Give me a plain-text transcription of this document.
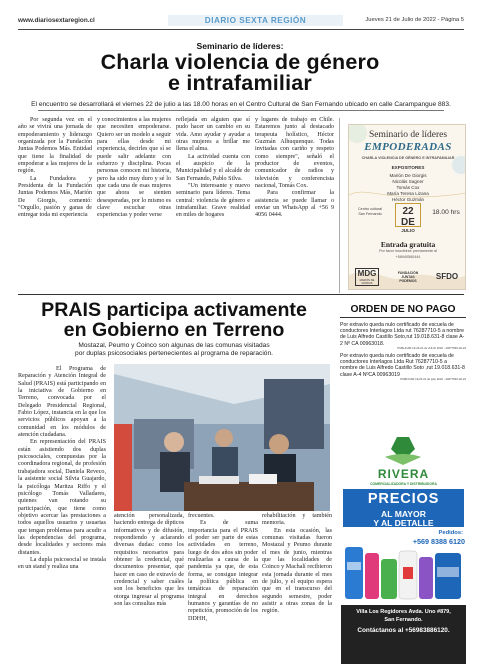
www.diariosextaregion.cl	DIARIO SEXTA REGIÓN	Jueves 21 de Julio de 2022 - Página 5
Seminario de líderes:
Charla violencia de género
e intrafamiliar
El encuentro se desarrollará el viernes 22 de julio a las 18.00 horas en el Centro Cultural de San Fernando ubicado en calle Carampangue 883.

Por segunda vez en el año se vivirá una jornada de empoderamiento y liderazgo organizada por la Fundación Juntas Podemos Más. Entidad que tiene la finalidad de empoderar a las mujeres de la región.

La Fundadora y Presidenta de la Fundación Juntas Podemos Más, Marión De Giorgis, comentó: "Orgullo, pasión y ganas de entregar toda mi experiencia

y conocimientos a las mujeres que necesiten empoderarse. Quiero ser un modelo a seguir para ellas desde mi experiencia, decirles que sí se puede salir adelante con esfuerzo y disciplina. Pocas personas conocen mi historia, pero ha sido muy duro y sé lo que cada una de esas mujeres que ahora se sienten desesperadas, por lo mismo es clave escuchar otras experiencias y poder verse

reflejada en alguien que sí pudo hacer un cambio en su vida. Amo ayudar y ayudar a otras mujeres a brillar me llena el alma.

La actividad cuenta con el auspicio de la Municipalidad y el alcalde de San Fernando, Pablo Silva.

"Un interesante y nuevo seminario para líderes. Tema central: violencia de género e intrafamiliar. Grave realidad en miles de hogares

y lugares de trabajo en Chile. Estaremos junto al destacado terapeuta holístico, Héctor Guzmán Alhuquenque. Todas invitadas con cariño y respeto como siempre", señaló el productor de eventos, comunicador de radios y televisión y conferencista nacional, Tomás Cox.

Para confirmar la asistencia se puede llamar o enviar un WhatsApp al +56 9 4056 0444.

Seminario de líderes
EMPODERADAS
CHARLA VIOLENCIA DE GÉNERO E INTRAFAMILIAR
EXPOSITORES
Marión De Giorgis
Nicolás Sagner
Tomás Cox
María Teresa Lizana
Héctor Guzmán
Centro cultural
San Fernando	22 DE
JULIO
18.00 hrs
Entrada gratuita
Por favor inscribirse previamente al
+56940560444
MDG
MARIÓN DE GIORGIS
FUNDACIÓN
JUNTAS
PODEMOS
SFDO
PRAIS participa activamente
en Gobierno en Terreno
Mostazal, Peumo y Coinco son algunas de las comunas visitadas
por duplas psicosociales pertenecientes al programa de reparación.

El Programa de Reparación y Atención Integral de Salud (PRAIS) está participando en la iniciativa de Gobierno en Terreno, convocada por el Delegado Presidencial Regional, Fabio López, instancia en la que los servicios públicos apoyan a la comunidad en los módulos de atención ciudadana.

En representación del PRAIS están asistiendo dos duplas psicosociales, compuestas por la coordinadora regional, de profesión trabajadora social, Daniela Reveco, la asistente social Silvia Guajardo, la psicóloga Maritza Riffo y el psicólogo Tomás Valladares, quienes van rotando su participación, que tiene como objetivo acercar las prestaciones a todos aquellos usuarios y usuarias que tengan problemas para acudir a las dependencias del programa, desde localidades y sectores más distantes.

La dupla psicosocial se instala en un stand y realiza una

atención personalizada, haciendo entrega de dípticos informativos y de difusión, respondiendo y aclarando diversas dudas: como los requisitos necesarios para obtener la credencial, qué documentos presentar, qué hacer en caso de extravío de credencial y saber cuáles son los beneficios que les otorga ingresar al programa son las consultas más

frecuentes.

Es de suma importancia para el PRAIS el poder ser parte de estas actividades en terreno, luego de dos años sin poder realizarlas a causa de la pandemia ya que, de esta forma, se consigue integrar la política pública en temáticas de reparación integral en derechos humanos y garantías de no repetición, promoción de los DDHH,

rehabilitación y también memoria.

En esta ocasión, las comunas visitadas fueron Mostazal y Peumo durante el mes de junio, mientras que las localidades de Coinco y Machalí recibieron esta jornada durante el mes de julio, y el equipo espera que en el transcurso del segundo semestre, poder asistir a otras zonas de la región.

ORDEN DE NO PAGO
Por extravío queda nulo certificado de escuela de conductores Interlagos Ltda rut 76287710-5 a nombre de Luis Alfredo Castillo Soto,rut 19.018.631-8 clase A-2 Nº CA 00963018.
PUBLICAR 19-20-21 de JULIO 2022 - 20677846-02-24
Por extravío queda nulo certificado de escuela de conductores Interlagos Ltda Rut 76287710-5 a nombre de Luis Alfredo Castillo Soto ,rut 19.018.631-8 clase A-4 NºCA 00963019
PUBLICAR 19-20-21 de julio 2022 - 20677846-02-24
RIVERA
COMERCIALIZADORA Y DISTRIBUIDORA
PRECIOS
AL MAYOR
Y AL DETALLE
Pedidos:
+569 8388 6120
Villa Los Regidores Avda. Uno #879,
San Fernando.
Contáctanos al +56983886120.
